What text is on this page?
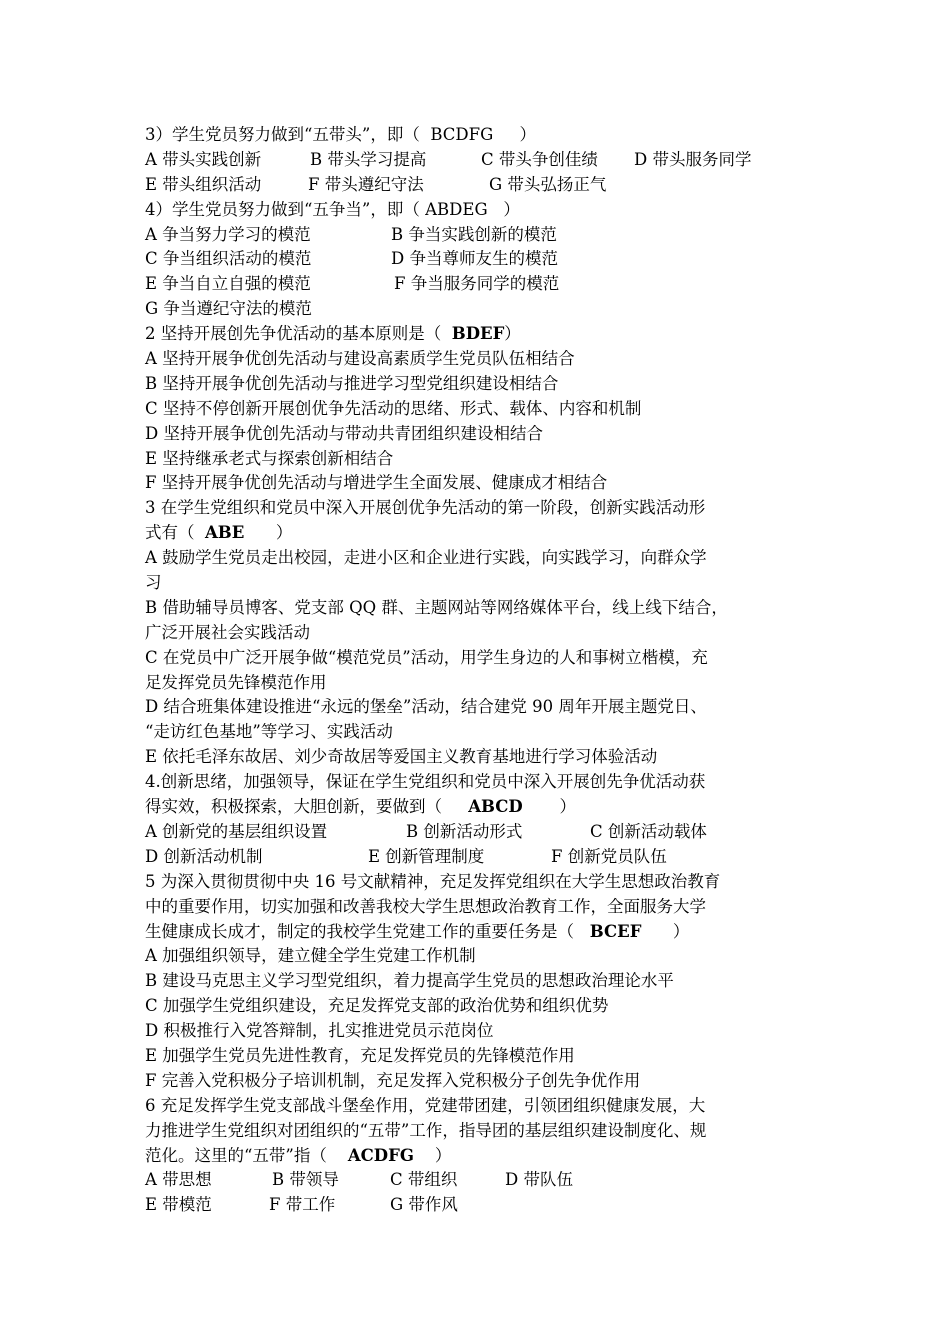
3）学生党员努力做到“五带头”，即（ BCDFG ）
A 带头实践创新	B 带头学习提高	C 带头争创佳绩 D 带头服务同学
E 带头组织活动	F 带头遵纪守法	G 带头弘扬正气
4）学生党员努力做到“五争当”，即（ ABDEG ）
A 争当努力学习的模范	B 争当实践创新的模范
C 争当组织活动的模范	D 争当尊师友生的模范
E 争当自立自强的模范	F 争当服务同学的模范
G 争当遵纪守法的模范
2 坚持开展创先争优活动的基本原则是（ BDEF）
A 坚持开展争优创先活动与建设高素质学生党员队伍相结合
B 坚持开展争优创先活动与推进学习型党组织建设相结合
C 坚持不停创新开展创优争先活动的思绪、形式、载体、内容和机制
D 坚持开展争优创先活动与带动共青团组织建设相结合
E 坚持继承老式与探索创新相结合
F 坚持开展争优创先活动与增进学生全面发展、健康成才相结合
3 在学生党组织和党员中深入开展创优争先活动的第一阶段，创新实践活动形
式有（ ABE ）
A 鼓励学生党员走出校园，走进小区和企业进行实践，向实践学习，向群众学
习
B 借助辅导员博客、党支部 QQ 群、主题网站等网络媒体平台，线上线下结合，
广泛开展社会实践活动
C 在党员中广泛开展争做“模范党员”活动，用学生身边的人和事树立楷模，充
足发挥党员先锋模范作用
D 结合班集体建设推进“永远的堡垒”活动，结合建党 90 周年开展主题党日、
“走访红色基地”等学习、实践活动
E 依托毛泽东故居、刘少奇故居等爱国主义教育基地进行学习体验活动
4.创新思绪，加强领导，保证在学生党组织和党员中深入开展创先争优活动获
得实效，积极探索，大胆创新，要做到（ ABCD ）
A 创新党的基层组织设置	B 创新活动形式	C 创新活动载体
D 创新活动机制	E 创新管理制度	F 创新党员队伍
5 为深入贯彻贯彻中央 16 号文献精神，充足发挥党组织在大学生思想政治教育
中的重要作用，切实加强和改善我校大学生思想政治教育工作，全面服务大学
生健康成长成才，制定的我校学生党建工作的重要任务是（ BCEF ）
A 加强组织领导，建立健全学生党建工作机制
B 建设马克思主义学习型党组织，着力提高学生党员的思想政治理论水平
C 加强学生党组织建设，充足发挥党支部的政治优势和组织优势
D 积极推行入党答辩制，扎实推进党员示范岗位
E 加强学生党员先进性教育，充足发挥党员的先锋模范作用
F 完善入党积极分子培训机制，充足发挥入党积极分子创先争优作用
6 充足发挥学生党支部战斗堡垒作用，党建带团建，引领团组织健康发展，大
力推进学生党组织对团组织的“五带”工作，指导团的基层组织建设制度化、规
范化。这里的“五带”指（ ACDFG ）
A 带思想	B 带领导	C 带组织	D 带队伍
E 带模范	F 带工作	G 带作风
